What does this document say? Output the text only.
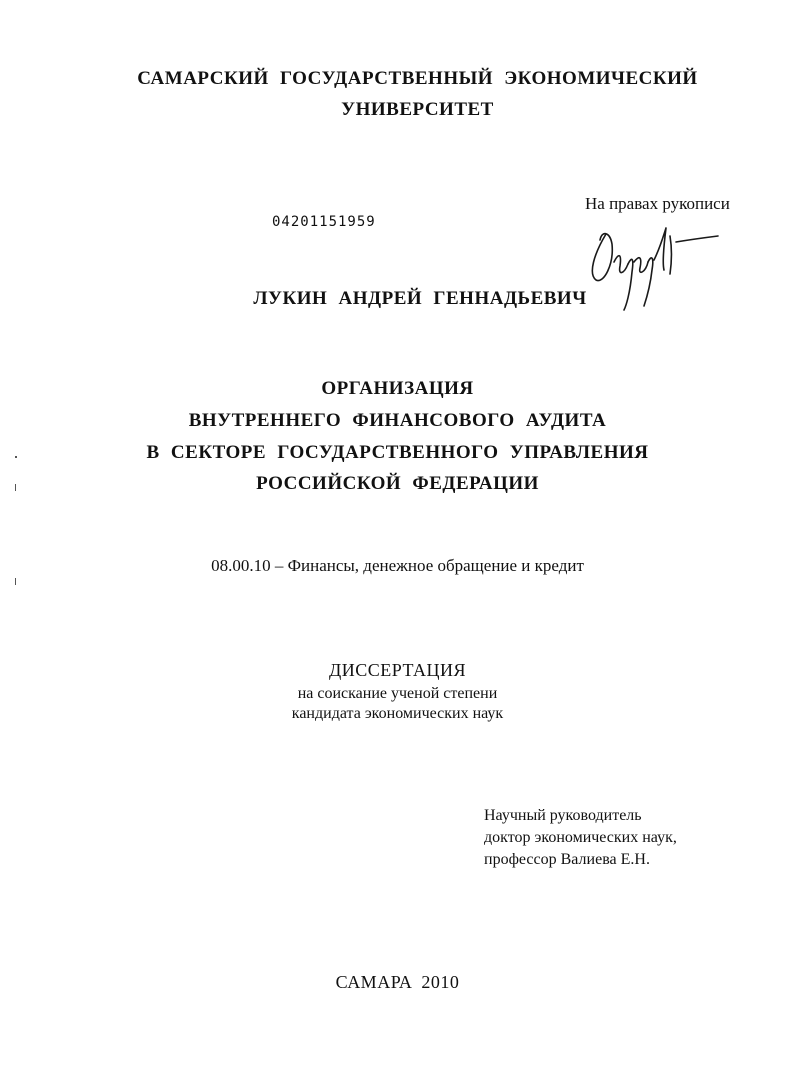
САМАРСКИЙ ГОСУДАРСТВЕННЫЙ ЭКОНОМИЧЕСКИЙ
УНИВЕРСИТЕТ
На правах рукописи
04201151959
ЛУКИН АНДРЕЙ ГЕННАДЬЕВИЧ
ОРГАНИЗАЦИЯ
ВНУТРЕННЕГО ФИНАНСОВОГО АУДИТА
В СЕКТОРЕ ГОСУДАРСТВЕННОГО УПРАВЛЕНИЯ
РОССИЙСКОЙ ФЕДЕРАЦИИ
08.00.10 – Финансы, денежное обращение и кредит
ДИССЕРТАЦИЯ
на соискание ученой степени
кандидата экономических наук
Научный руководитель
доктор экономических наук,
профессор Валиева Е.Н.
САМАРА 2010
